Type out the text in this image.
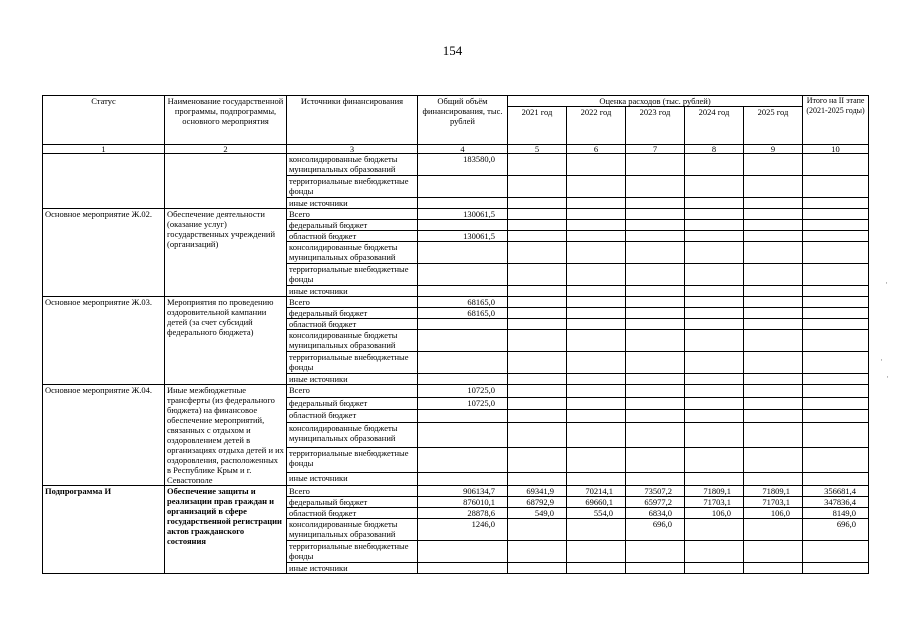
154
Статус	Наименование государственной программы, подпрограммы, основного мероприятия	Источники финансирования	Общий объём финансирования, тыс. рублей	Оценка расходов (тыс. рублей)					Итого на II этапе (2021-2025 годы)
				2021 год	2022 год	2023 год	2024 год	2025 год	
1	2	3	4	5	6	7	8	9	10
		консолидированные бюджеты муниципальных образований	183580,0						
		территориальные внебюджетные фонды							
		иные источники							
Основное мероприятие Ж.02.	Обеспечение деятельности (оказание услуг) государственных учреждений (организаций)	Всего	130061,5						
		федеральный бюджет							
		областной бюджет	130061,5						
		консолидированные бюджеты муниципальных образований							
		территориальные внебюджетные фонды							
		иные источники							
Основное мероприятие Ж.03.	Мероприятия по проведению оздоровительной кампании детей (за счет субсидий федерального бюджета)	Всего	68165,0						
		федеральный бюджет	68165,0						
		областной бюджет							
		консолидированные бюджеты муниципальных образований							
		территориальные внебюджетные фонды							
		иные источники							
Основное мероприятие Ж.04.	Иные межбюджетные трансферты (из федерального бюджета) на финансовое обеспечение мероприятий, связанных с отдыхом и оздоровлением детей в организациях отдыха детей и их оздоровления, расположенных в Республике Крым и г. Севастополе	Всего	10725,0						
		федеральный бюджет	10725,0						
		областной бюджет							
		консолидированные бюджеты муниципальных образований							
		территориальные внебюджетные фонды							
		иные источники							
Подпрограмма И	Обеспечение защиты и реализации прав граждан и организаций в сфере государственной регистрации актов гражданского состояния	Всего	906134,7	69341,9	70214,1	73507,2	71809,1	71809,1	356681,4
		федеральный бюджет	876010,1	68792,9	69660,1	65977,2	71703,1	71703,1	347836,4
		областной бюджет	28878,6	549,0	554,0	6834,0	106,0	106,0	8149,0
		консолидированные бюджеты муниципальных образований	1246,0			696,0			696,0
		территориальные внебюджетные фонды							
		иные источники							
·
·
·
